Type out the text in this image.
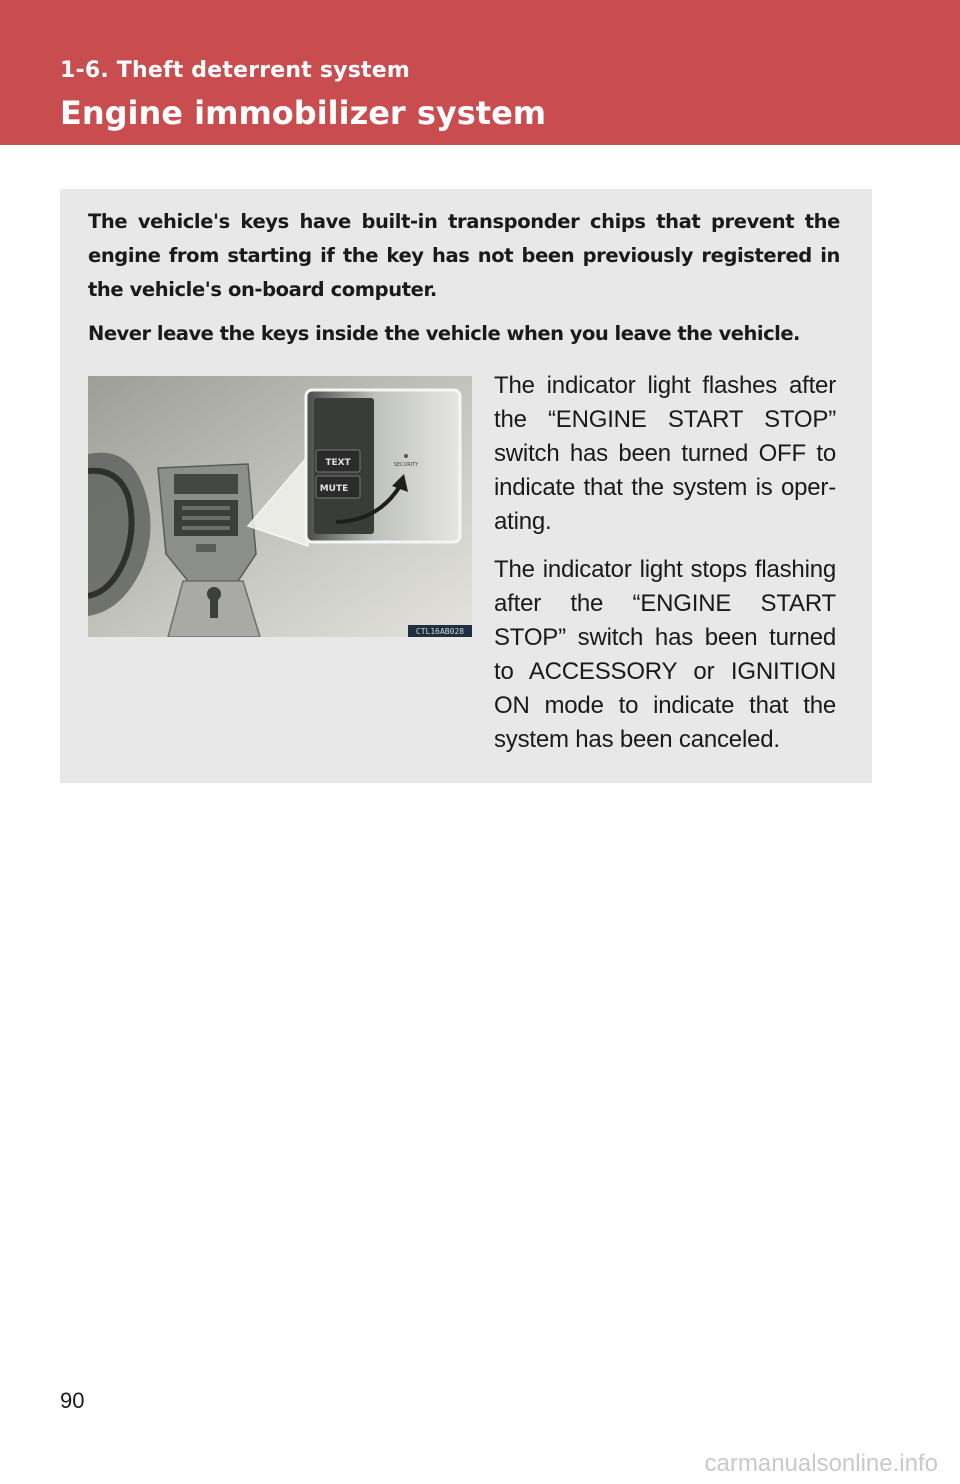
1-6. Theft deterrent system
Engine immobilizer system

The vehicle's keys have built-in transponder chips that prevent the engine from starting if the key has not been previously registered in the vehicle's on-board computer.

Never leave the keys inside the vehicle when you leave the vehicle.

TEXT
MUTE
SECURITY
CTL16AB028

The indicator light flashes after the “ENGINE START STOP” switch has been turned OFF to indicate that the system is oper-ating.

The indicator light stops flashing after the “ENGINE START STOP” switch has been turned to ACCESSORY or IGNITION ON mode to indicate that the system has been canceled.

90
carmanualsonline.info
